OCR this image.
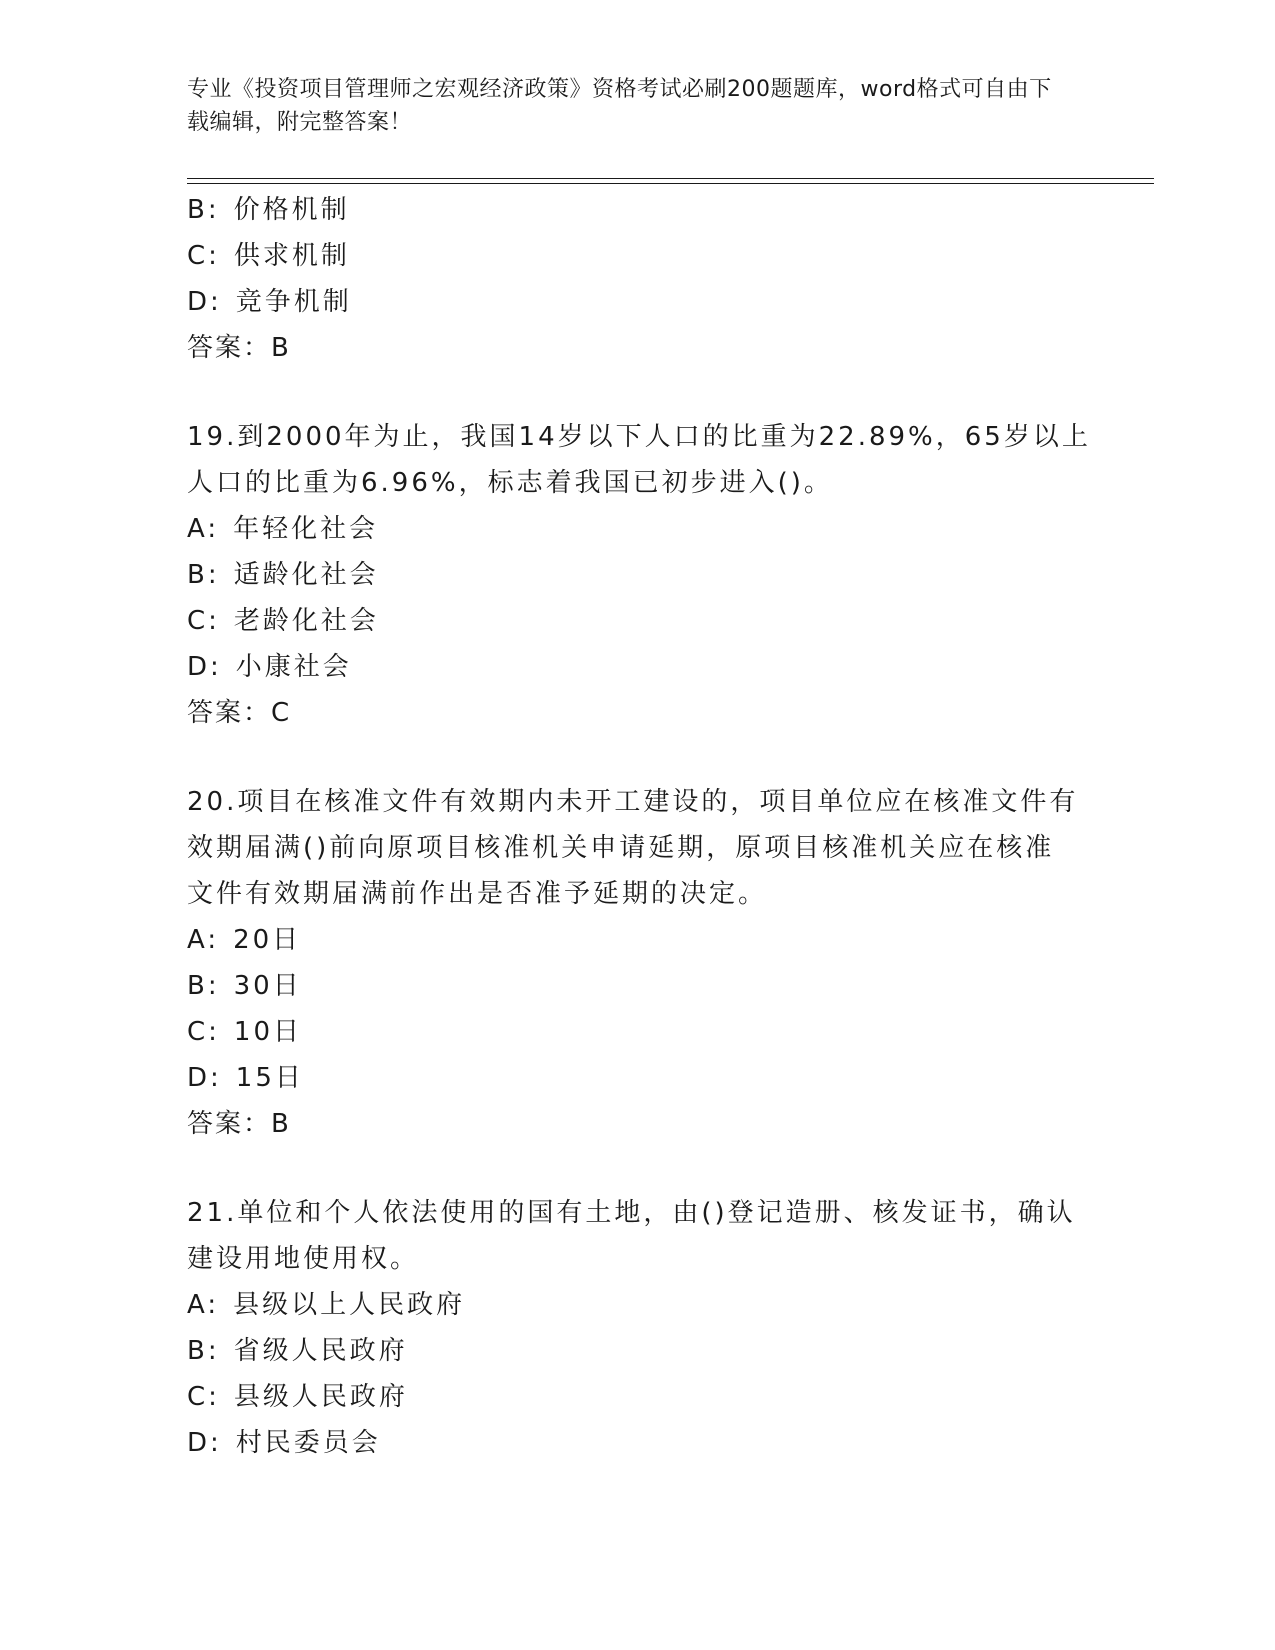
专业《投资项目管理师之宏观经济政策》资格考试必刷200题题库，word格式可自由下载编辑，附完整答案！
B: 价格机制
C: 供求机制
D: 竞争机制
答案：B
19.到2000年为止，我国14岁以下人口的比重为22.89%，65岁以上
人口的比重为6.96%，标志着我国已初步进入()。
A: 年轻化社会
B: 适龄化社会
C: 老龄化社会
D: 小康社会
答案：C
20.项目在核准文件有效期内未开工建设的，项目单位应在核准文件有
效期届满()前向原项目核准机关申请延期，原项目核准机关应在核准
文件有效期届满前作出是否准予延期的决定。
A: 20日
B: 30日
C: 10日
D: 15日
答案：B
21.单位和个人依法使用的国有土地，由()登记造册、核发证书，确认
建设用地使用权。
A: 县级以上人民政府
B: 省级人民政府
C: 县级人民政府
D: 村民委员会
